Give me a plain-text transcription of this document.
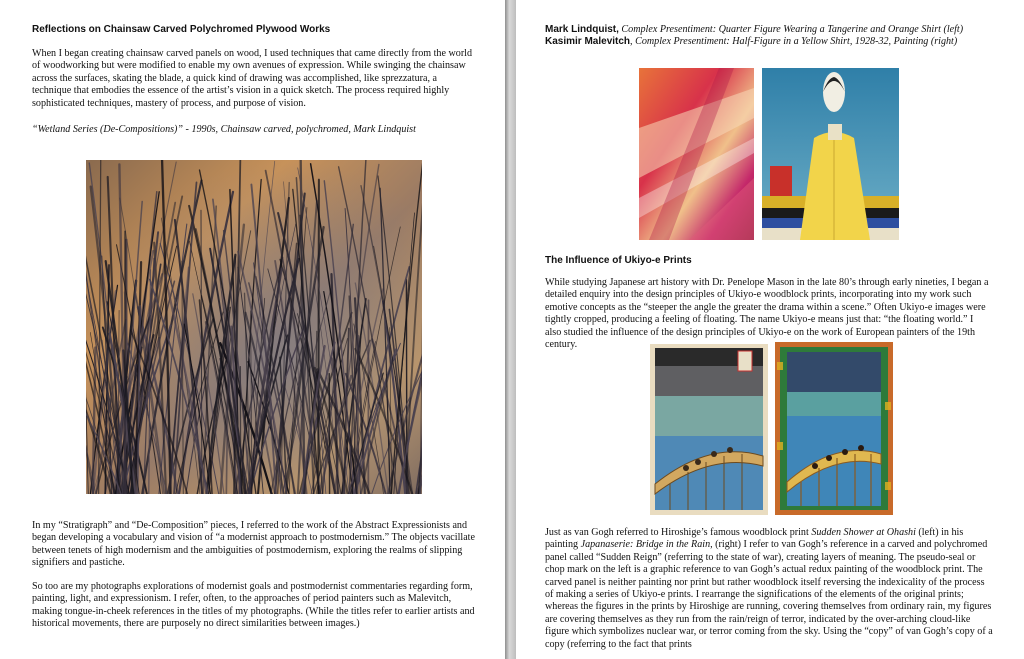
Reflections on Chainsaw Carved Polychromed Plywood Works

When I began creating chainsaw carved panels on wood, I used techniques that came directly from the world of woodworking but were modified to enable my own avenues of expression. While swinging the chainsaw across the surfaces, skating the blade, a quick kind of drawing was accomplished, like sprezzatura, a technique that embodies the essence of the artist’s vision in a quick sketch. The process required highly sophisticated techniques, mastery of process, and purpose of vision.

“Wetland Series (De-Compositions)” - 1990s, Chainsaw carved, polychromed, Mark Lindquist

In my “Stratigraph” and “De-Composition” pieces, I referred to the work of the Abstract Expressionists and began developing a vocabulary and vision of “a modernist approach to postmodernism.” The objects vacillate between tenets of high modernism and the ambiguities of postmodernism, exploring the realms of slipping signifiers and pastiche.

So too are my photographs explorations of modernist goals and postmodernist commentaries regarding form, painting, light, and expressionism. I refer, often, to the approaches of period painters such as Malevitch, making tongue-in-cheek references in the titles of my photographs. (While the titles refer to earlier artists and historical movements, there are purposely no direct similarities between images.)

Mark Lindquist, Complex Presentiment: Quarter Figure Wearing a Tangerine and Orange Shirt (left)

Kasimir Malevitch, Complex Presentiment: Half-Figure in a Yellow Shirt, 1928-32, Painting (right)

The Influence of Ukiyo-e Prints

While studying Japanese art history with Dr. Penelope Mason in the late 80’s through early nineties, I began a detailed enquiry into the design principles of Ukiyo-e woodblock prints, incorporating into my work such emotive concepts as the “steeper the angle the greater the drama within a scene.” Often Ukiyo-e images were tightly cropped, producing a feeling of floating. The name Ukiyo-e means just that: “the floating world.” I also studied the influence of the design principles of Ukiyo-e on the work of European painters of the 19th century.

Just as van Gogh referred to Hiroshige’s famous woodblock print Sudden Shower at Ohashi (left) in his painting Japanaserie: Bridge in the Rain, (right) I refer to van Gogh’s reference in a carved and polychromed panel called “Sudden Reign” (referring to the state of war), creating layers of meaning. The pseudo-seal or chop mark on the left is a graphic reference to van Gogh’s actual redux painting of the woodblock print. The carved panel is neither painting nor print but rather woodblock itself reversing the indexicality of the process of making a series of Ukiyo-e prints. I rearrange the significations of the elements of the original prints; whereas the figures in the prints by Hiroshige are running, covering themselves from ordinary rain, my figures are covering themselves as they run from the rain/reign of terror, indicated by the over-arching cloud-like figure which symbolizes nuclear war, or terror coming from the sky. Using the “copy” of van Gogh’s copy of a copy (referring to the fact that prints
